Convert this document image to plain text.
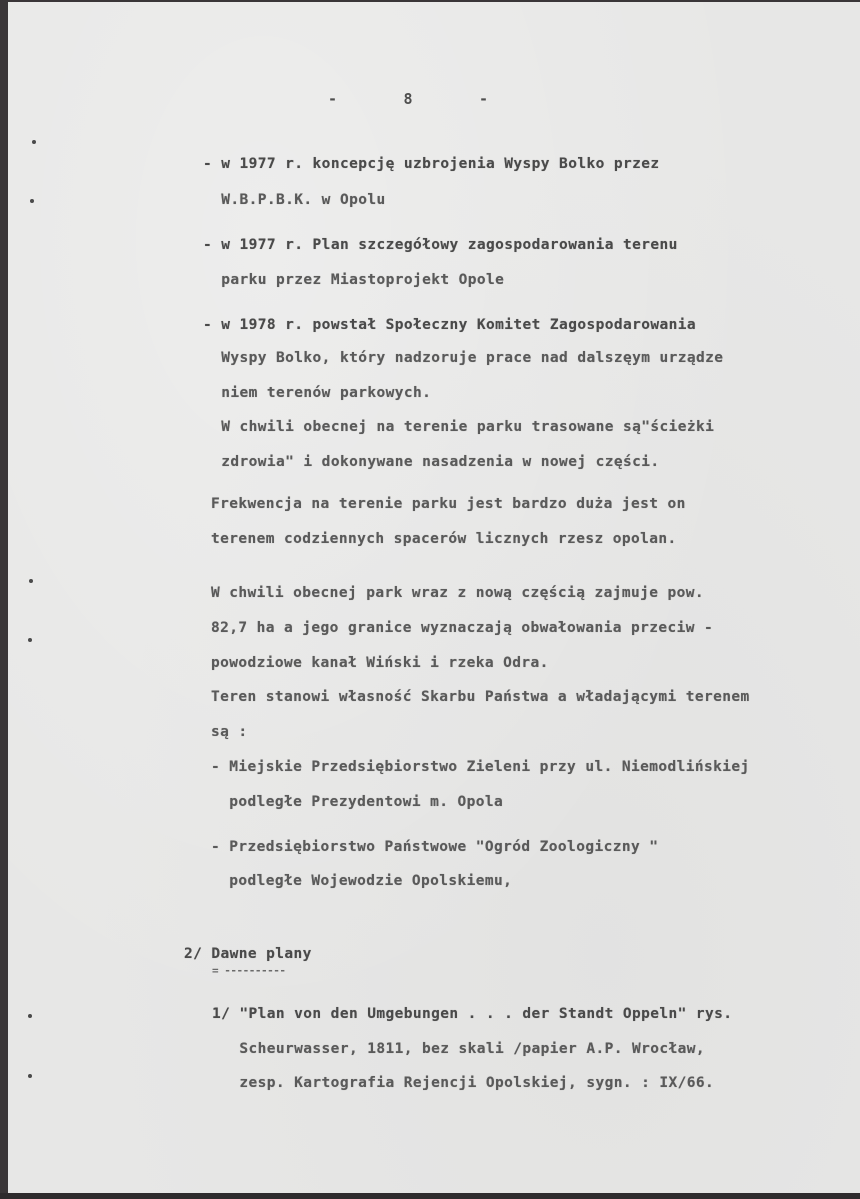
-	8	-
- w 1977 r. koncepcję uzbrojenia Wyspy Bolko przez
W.B.P.B.K. w Opolu
- w 1977 r. Plan szczegółowy zagospodarowania terenu
parku przez Miastoprojekt Opole
- w 1978 r. powstał Społeczny Komitet Zagospodarowania
Wyspy Bolko, który nadzoruje prace nad dalszęym urządze
niem terenów parkowych.
W chwili obecnej na terenie parku trasowane są"ścieżki
zdrowia" i dokonywane nasadzenia w nowej części.
Frekwencja na terenie parku jest bardzo duża jest on
terenem codziennych spacerów licznych rzesz opolan.
W chwili obecnej park wraz z nową częścią zajmuje pow.
82,7 ha a jego granice wyznaczają obwałowania przeciw -
powodziowe kanał Wiński i rzeka Odra.
Teren stanowi własność Skarbu Państwa a władającymi terenem
są :
- Miejskie Przedsiębiorstwo Zieleni przy ul. Niemodlińskiej
podległe Prezydentowi m. Opola
- Przedsiębiorstwo Państwowe "Ogród Zoologiczny "
podległe Wojewodzie Opolskiemu,
2/ Dawne plany
= ----------
1/ "Plan von den Umgebungen . . . der Standt Oppeln" rys.
Scheurwasser, 1811, bez skali /papier A.P. Wrocław,
zesp. Kartografia Rejencji Opolskiej, sygn. : IX/66.
